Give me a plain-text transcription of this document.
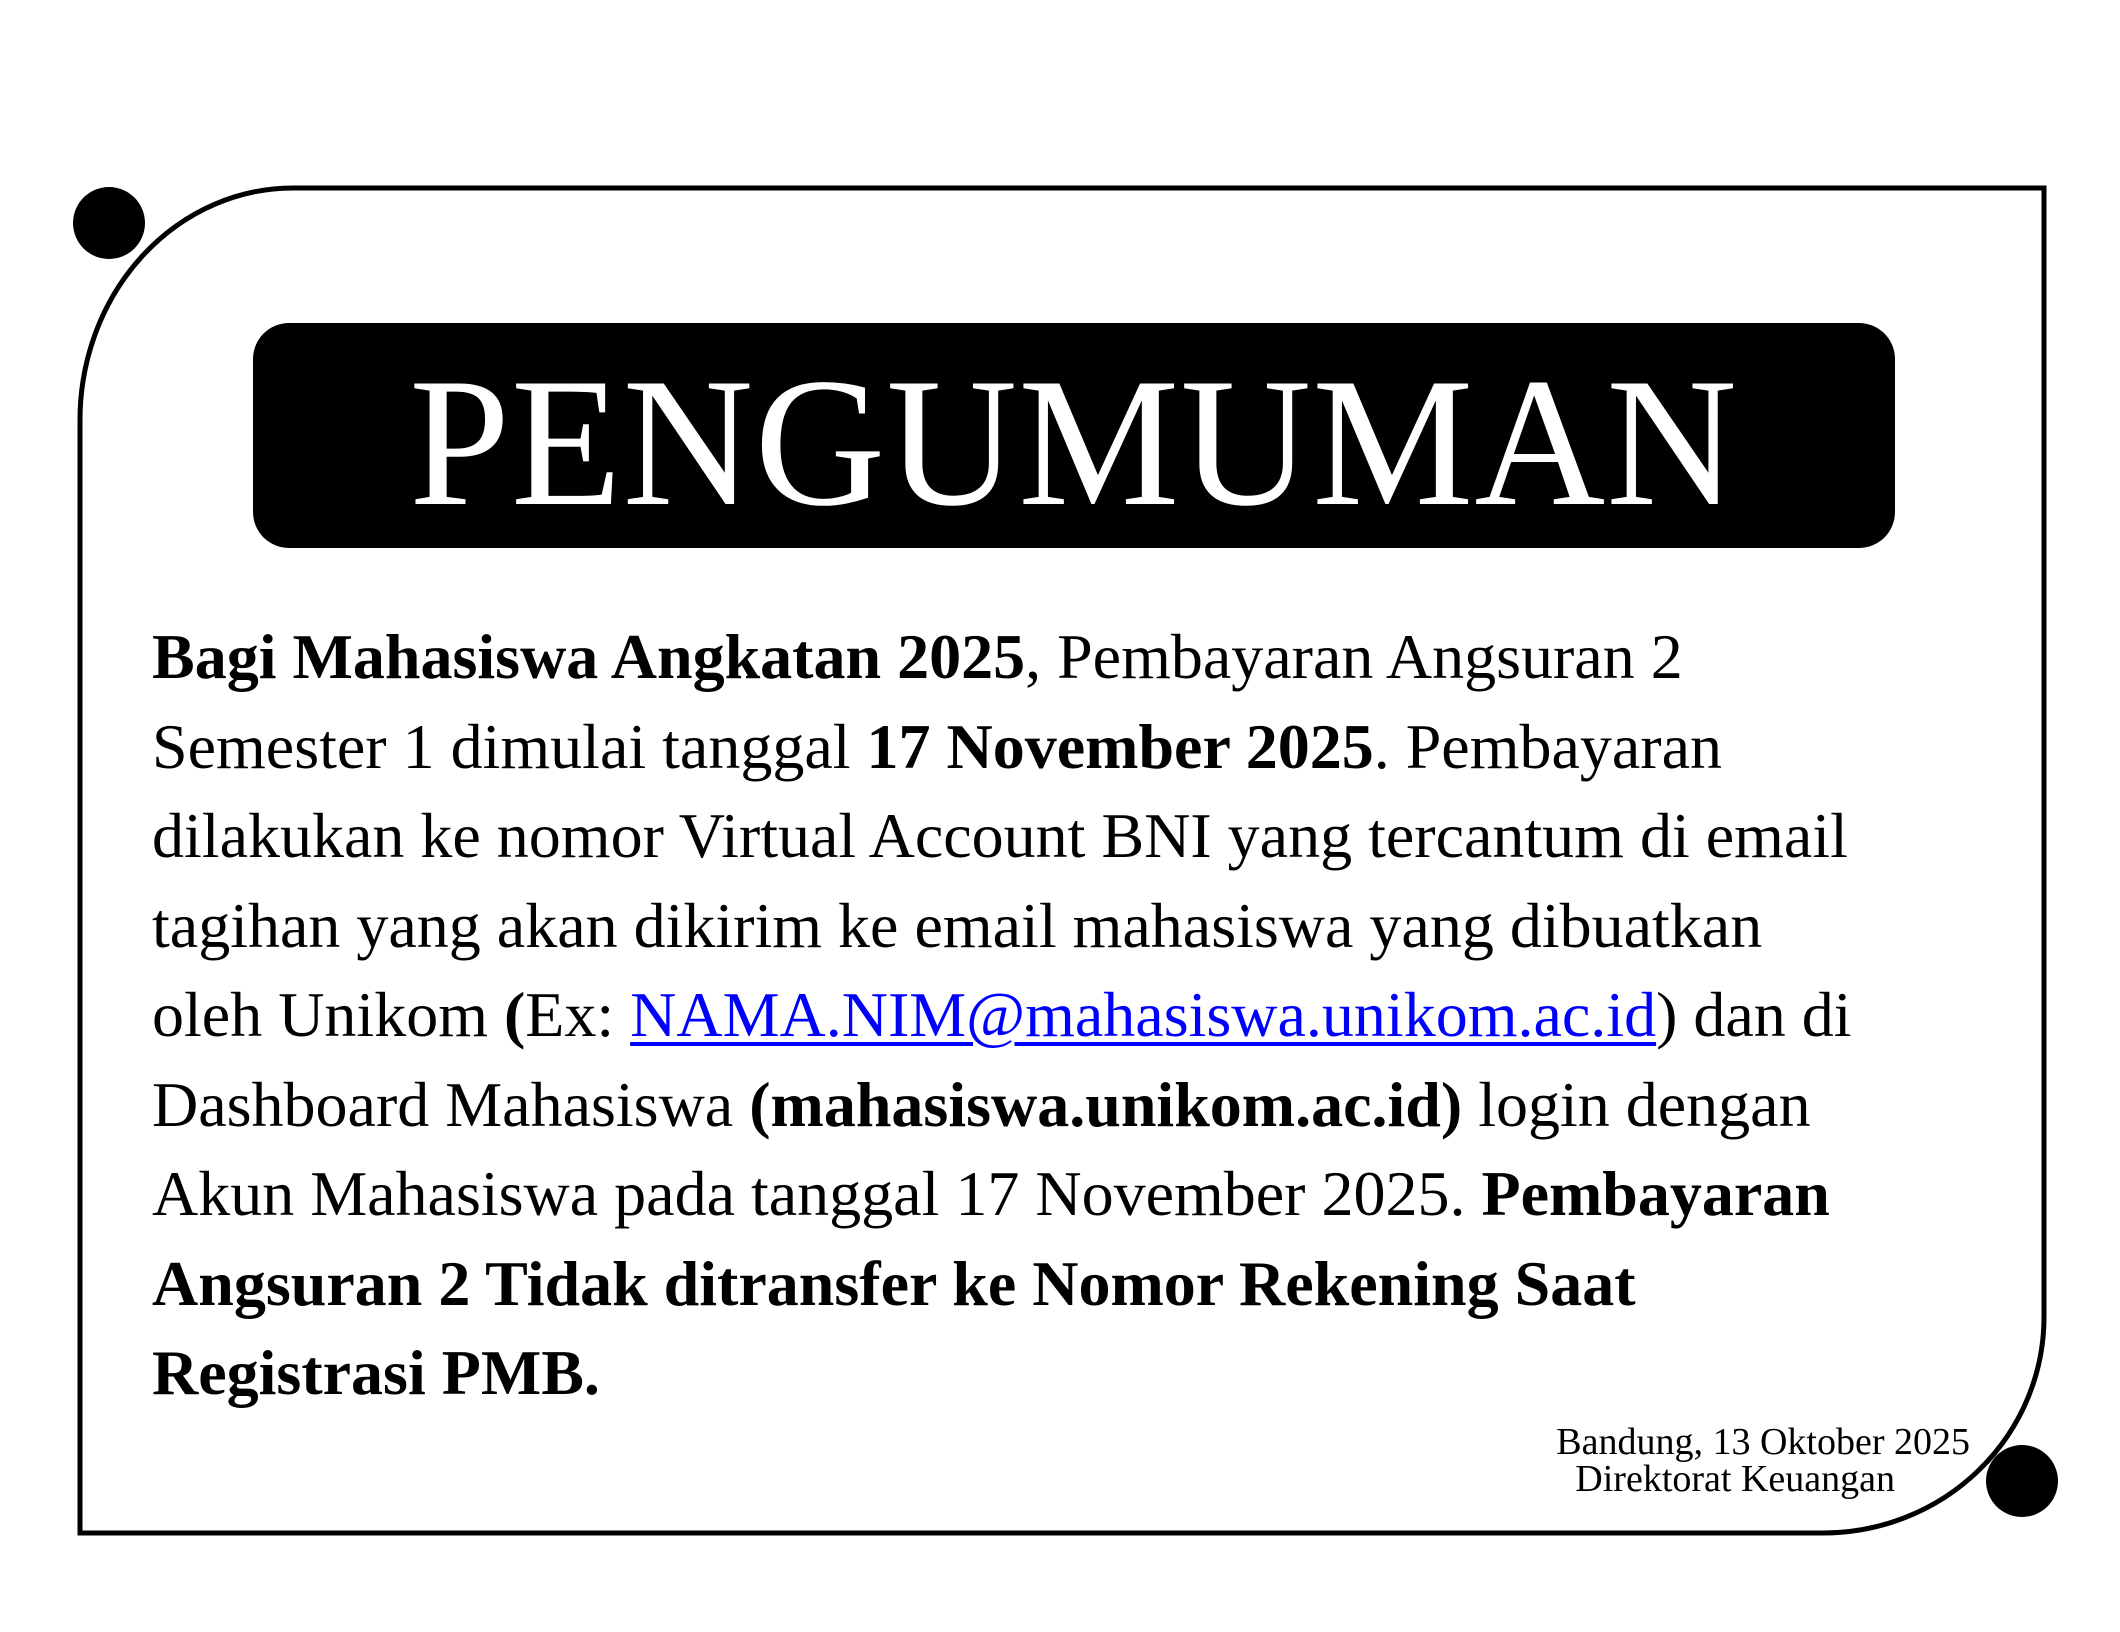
PENGUMUMAN
Bagi Mahasiswa Angkatan 2025, Pembayaran Angsuran 2
Semester 1 dimulai tanggal 17 November 2025. Pembayaran
dilakukan ke nomor Virtual Account BNI yang tercantum di email
tagihan yang akan dikirim ke email mahasiswa yang dibuatkan
oleh Unikom (Ex: NAMA.NIM@mahasiswa.unikom.ac.id) dan di
Dashboard Mahasiswa (mahasiswa.unikom.ac.id) login dengan
Akun Mahasiswa pada tanggal 17 November 2025. Pembayaran
Angsuran 2 Tidak ditransfer ke Nomor Rekening Saat
Registrasi PMB.
Bandung, 13 Oktober 2025
Direktorat Keuangan
